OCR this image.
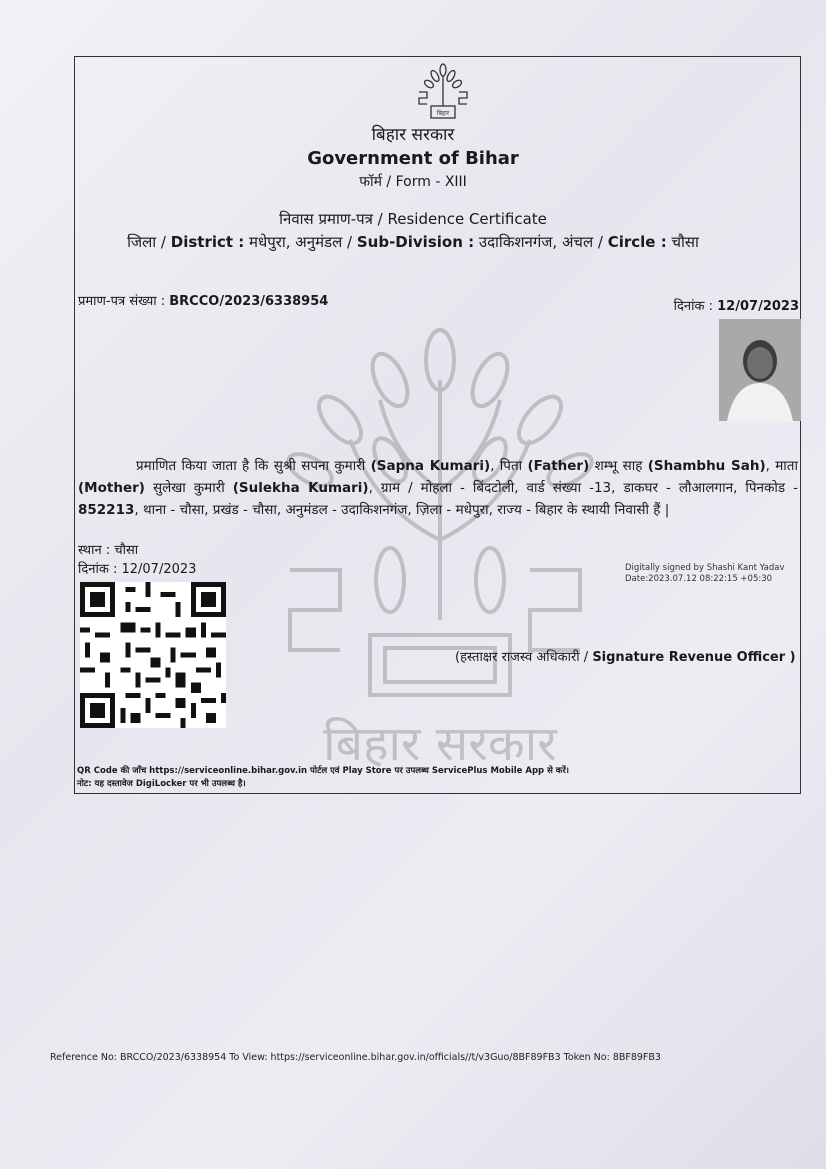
बिहार
बिहार सरकार
Government of Bihar
फॉर्म / Form - XIII
निवास प्रमाण-पत्र / Residence Certificate
जिला / District : मधेपुरा, अनुमंडल / Sub-Division : उदाकिशनगंज, अंचल / Circle : चौसा
बिहार सरकार
प्रमाण-पत्र संख्या : BRCCO/2023/6338954	दिनांक : 12/07/2023
प्रमाणित किया जाता है कि सुश्री सपना कुमारी (Sapna Kumari), पिता (Father) शम्भू साह (Shambhu Sah), माता (Mother) सुलेखा कुमारी (Sulekha Kumari), ग्राम / मोहला - बिंदटोली, वार्ड संख्या -13, डाकघर - लौआलगान, पिनकोड - 852213, थाना - चौसा, प्रखंड - चौसा, अनुमंडल - उदाकिशनगंज, ज़िला - मधेपुरा, राज्य - बिहार के स्थायी निवासी हैं |
स्थान : चौसा
दिनांक : 12/07/2023	Digitally signed by Shashi Kant Yadav
Date:2023.07.12 08:22:15 +05:30
(हस्ताक्षर राजस्व अधिकारी / Signature Revenue Officer )
QR Code की जाँच https://serviceonline.bihar.gov.in पोर्टल एवं Play Store पर उपलब्ध ServicePlus Mobile App से करें।
नोट: यह दस्तावेज DigiLocker पर भी उपलब्ध है।
Reference No: BRCCO/2023/6338954 To View: https://serviceonline.bihar.gov.in/officials//t/v3Guo/8BF89FB3 Token No: 8BF89FB3
